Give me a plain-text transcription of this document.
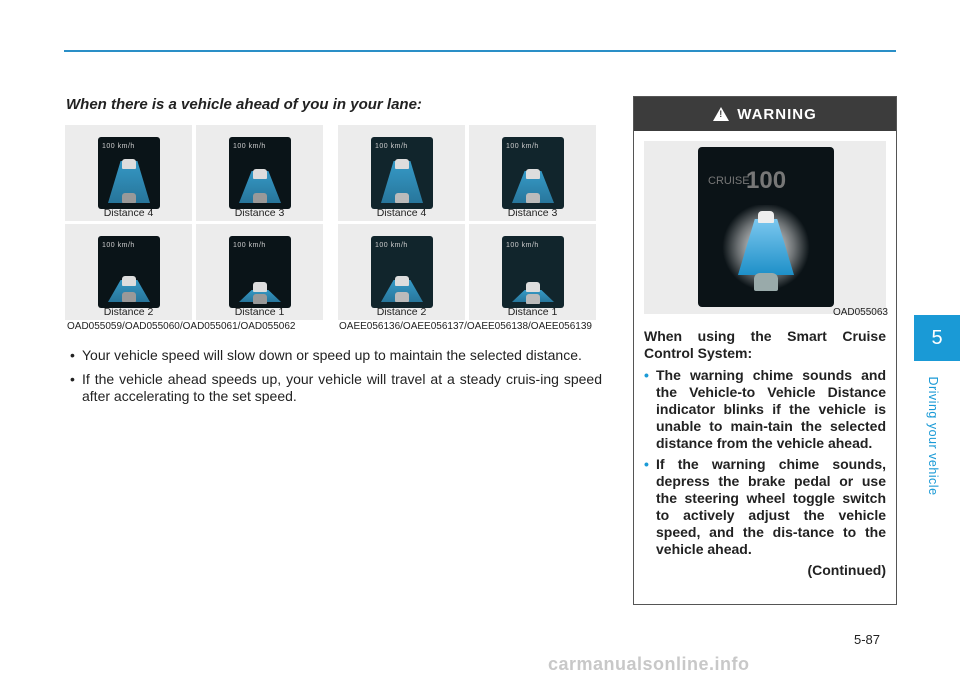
When there is a vehicle ahead of you in your lane:
100 km/h
Distance 4
100 km/h
Distance 3
100 km/h
Distance 2
100 km/h
Distance 1
OAD055059/OAD055060/OAD055061/OAD055062
100 km/h
Distance 4
100 km/h
Distance 3
100 km/h
Distance 2
100 km/h
Distance 1
OAEE056136/OAEE056137/OAEE056138/OAEE056139
• Your vehicle speed will slow down or speed up to maintain the selected distance.
• If the vehicle ahead speeds up, your vehicle will travel at a steady cruis-ing speed after accelerating to the set speed.
!
WARNING
CRUISE
100
OAD055063
When using the Smart Cruise Control System:
• The warning chime sounds and the Vehicle-to Vehicle Distance indicator blinks if the vehicle is unable to main-tain the selected distance from the vehicle ahead.
• If the warning chime sounds, depress the brake pedal or use the steering wheel toggle switch to actively adjust the vehicle speed, and the dis-tance to the vehicle ahead.
(Continued)
5
Driving your vehicle
5-87
carmanualsonline.info
